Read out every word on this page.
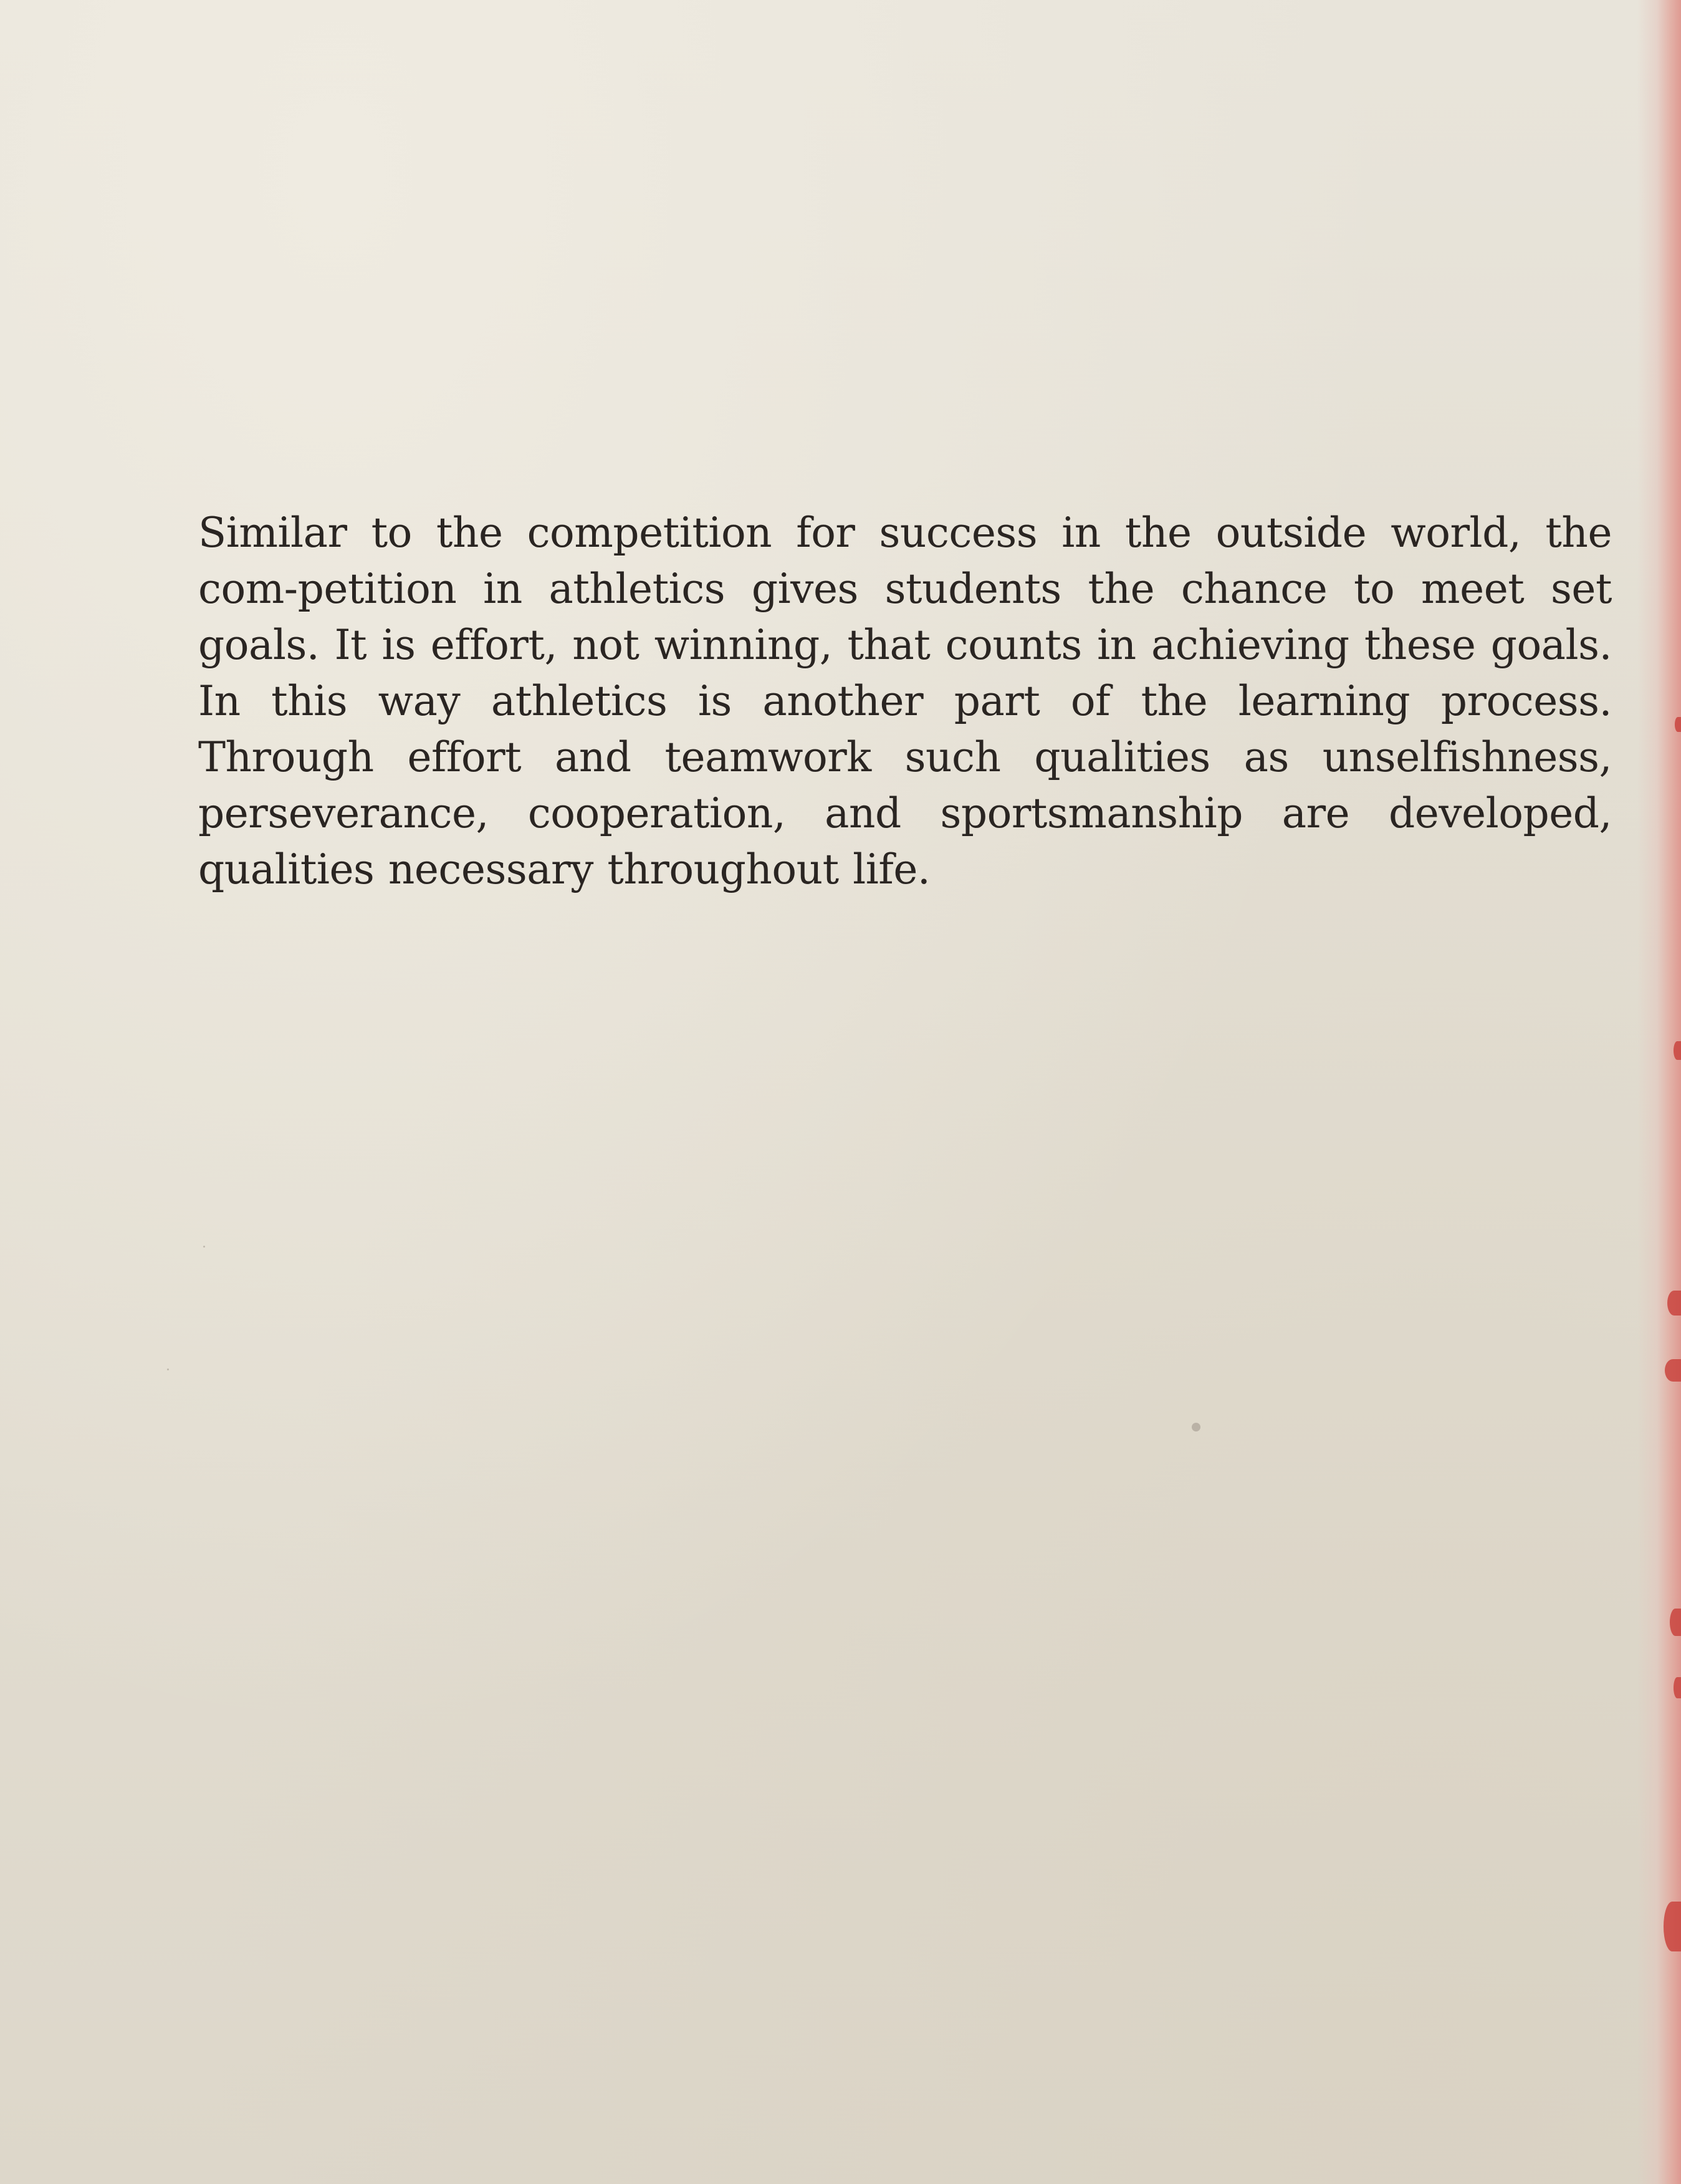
Similar to the competition for success in the outside world, the com-petition in athletics gives students the chance to meet set goals. It is effort, not winning, that counts in achieving these goals. In this way athletics is another part of the learning process. Through effort and teamwork such qualities as unselfishness, perseverance, cooperation, and sportsmanship are developed, qualities necessary throughout life.
